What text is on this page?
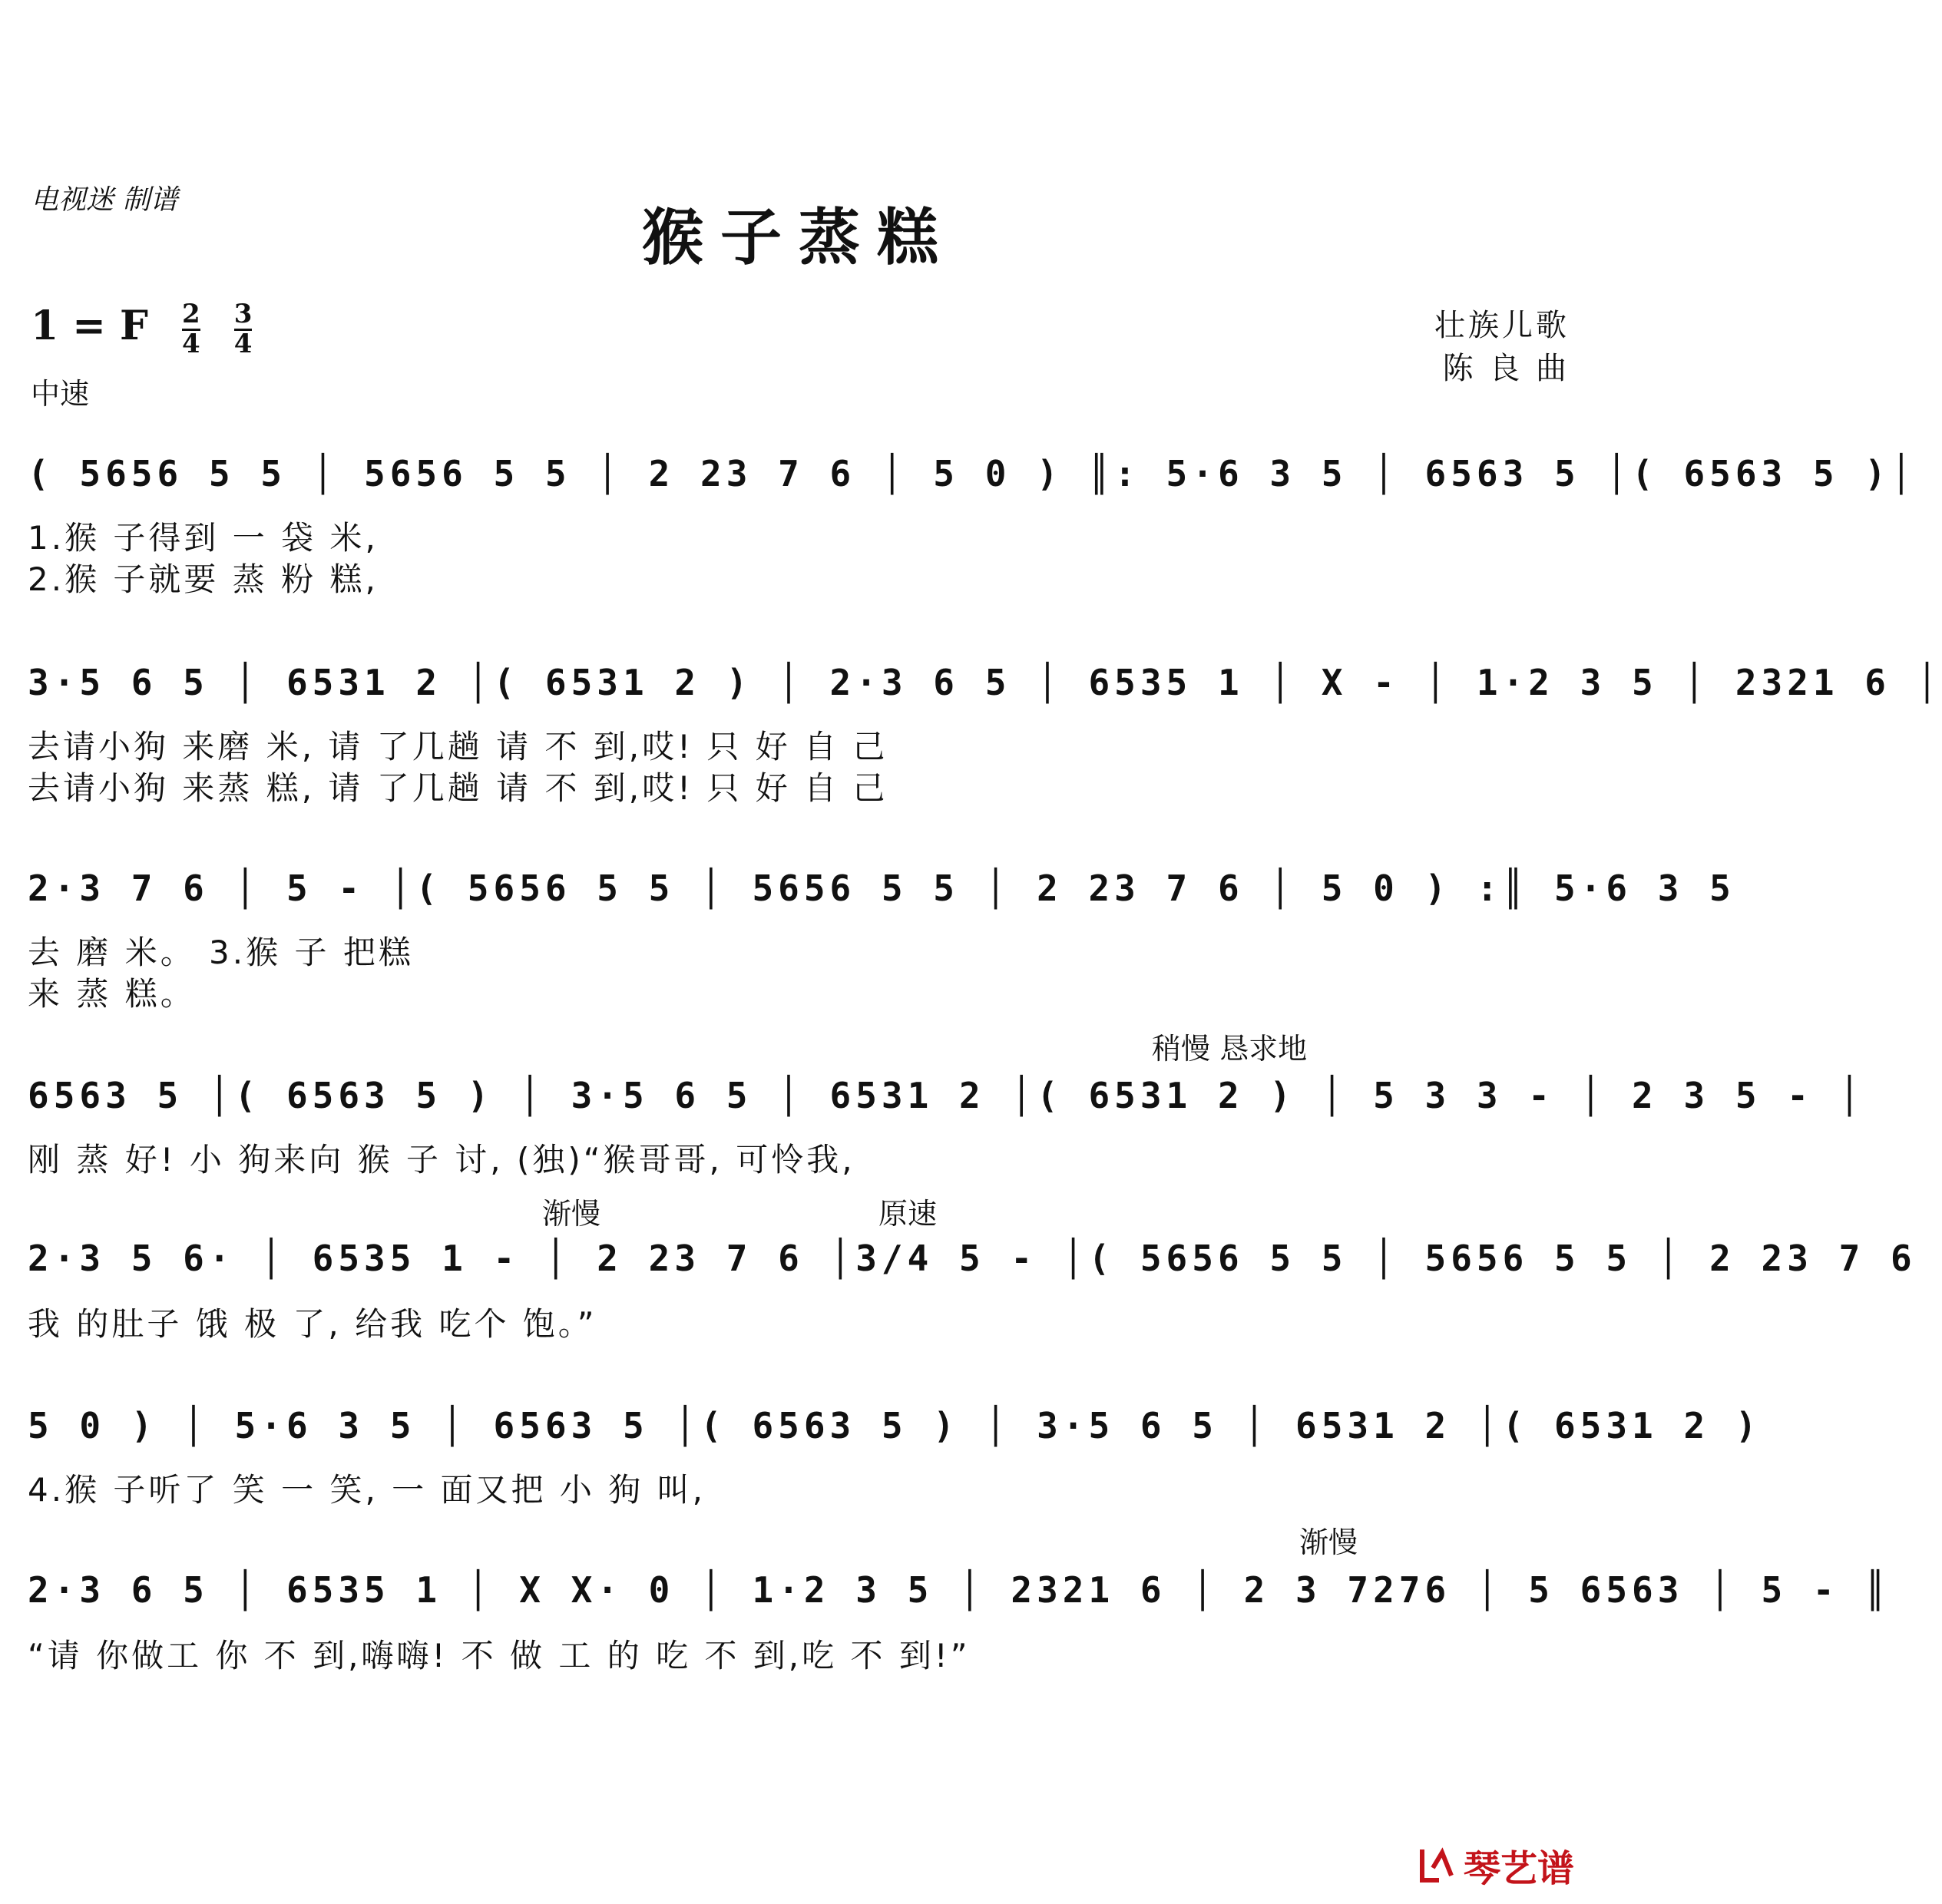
电视迷 制谱
猴子蒸糕
1 = F $\frac{2}{4}$
$\frac{3}{4}$
中速
壮族儿歌
陈 良 曲
( 5656 5 5 │ 5656 5 5 │ 2 23 7 6 │ 5 0 ) ║: 5·6 3 5 │ 6563 5 │( 6563 5 )│
1.猴 子得到 一 袋 米,
2.猴 子就要 蒸 粉 糕,
3·5 6 5 │ 6531 2 │( 6531 2 ) │ 2·3 6 5 │ 6535 1 │ X - │ 1·2 3 5 │ 2321 6 │
去请小狗 来磨 米, 请 了几趟 请 不 到,哎! 只 好 自 己
去请小狗 来蒸 糕, 请 了几趟 请 不 到,哎! 只 好 自 己
2·3 7 6 │ 5 - │( 5656 5 5 │ 5656 5 5 │ 2 23 7 6 │ 5 0 ) :║ 5·6 3 5
去 磨 米。 3.猴 子 把糕
来 蒸 糕。
稍慢 恳求地
6563 5 │( 6563 5 ) │ 3·5 6 5 │ 6531 2 │( 6531 2 ) │ 5 3 3 - │ 2 3 5 - │
刚 蒸 好! 小 狗来向 猴 子 讨, (独)“猴哥哥, 可怜我,
渐慢	原速
2·3 5 6· │ 6535 1 - │ 2 23 7 6 │3/4 5 - │( 5656 5 5 │ 5656 5 5 │ 2 23 7 6
我 的肚子 饿 极 了, 给我 吃个 饱。”
5 0 ) │ 5·6 3 5 │ 6563 5 │( 6563 5 ) │ 3·5 6 5 │ 6531 2 │( 6531 2 )
4.猴 子听了 笑 一 笑, 一 面又把 小 狗 叫,
渐慢
2·3 6 5 │ 6535 1 │ X X· 0 │ 1·2 3 5 │ 2321 6 │ 2 3 7276 │ 5 6563 │ 5 - ║
“请 你做工 你 不 到,嗨嗨! 不 做 工 的 吃 不 到,吃 不 到!”
琴艺谱
